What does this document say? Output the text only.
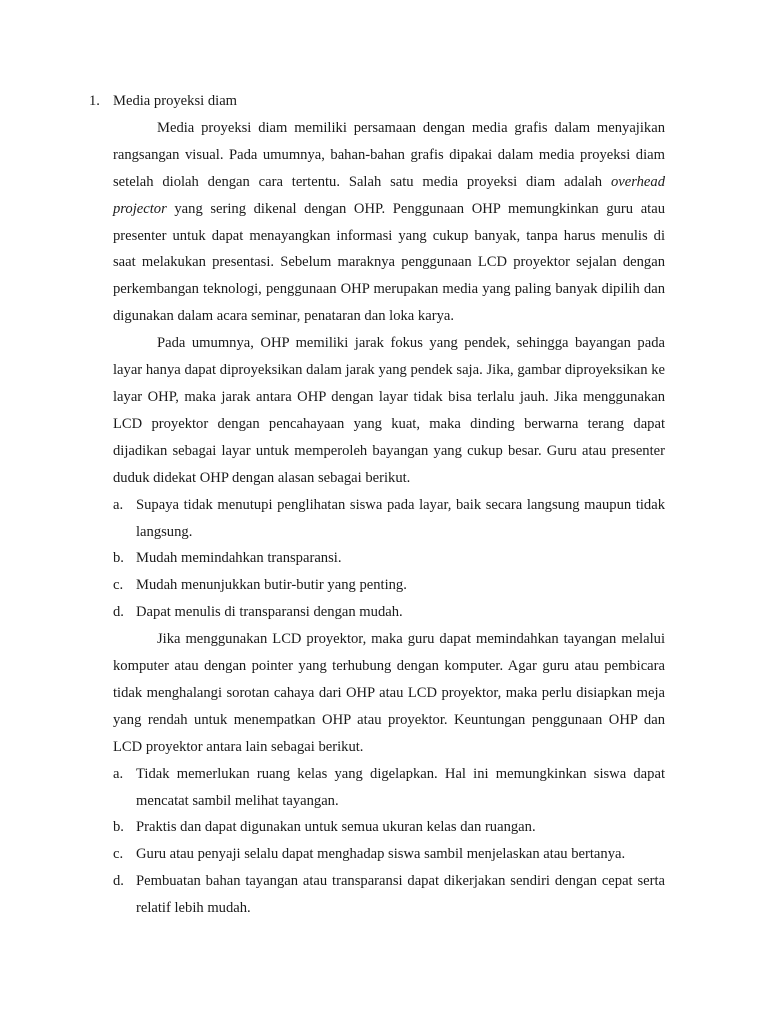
1. Media proyeksi diam

Media proyeksi diam memiliki persamaan dengan media grafis dalam menyajikan rangsangan visual. Pada umumnya, bahan-bahan grafis dipakai dalam media proyeksi diam setelah diolah dengan cara tertentu. Salah satu media proyeksi diam adalah overhead projector yang sering dikenal dengan OHP. Penggunaan OHP memungkinkan guru atau presenter untuk dapat menayangkan informasi yang cukup banyak, tanpa harus menulis di saat melakukan presentasi. Sebelum maraknya penggunaan LCD proyektor sejalan dengan perkembangan teknologi, penggunaan OHP merupakan media yang paling banyak dipilih dan digunakan dalam acara seminar, penataran dan loka karya.

Pada umumnya, OHP memiliki jarak fokus yang pendek, sehingga bayangan pada layar hanya dapat diproyeksikan dalam jarak yang pendek saja. Jika, gambar diproyeksikan ke layar OHP, maka jarak antara OHP dengan layar tidak bisa terlalu jauh. Jika menggunakan LCD proyektor dengan pencahayaan yang kuat, maka dinding berwarna terang dapat dijadikan sebagai layar untuk memperoleh bayangan yang cukup besar. Guru atau presenter duduk didekat OHP dengan alasan sebagai berikut.

a. Supaya tidak menutupi penglihatan siswa pada layar, baik secara langsung maupun tidak langsung.
b. Mudah memindahkan transparansi.
c. Mudah menunjukkan butir-butir yang penting.
d. Dapat menulis di transparansi dengan mudah.

Jika menggunakan LCD proyektor, maka guru dapat memindahkan tayangan melalui komputer atau dengan pointer yang terhubung dengan komputer. Agar guru atau pembicara tidak menghalangi sorotan cahaya dari OHP atau LCD proyektor, maka perlu disiapkan meja yang rendah untuk menempatkan OHP atau proyektor. Keuntungan penggunaan OHP dan LCD proyektor antara lain sebagai berikut.

a. Tidak memerlukan ruang kelas yang digelapkan. Hal ini memungkinkan siswa dapat mencatat sambil melihat tayangan.
b. Praktis dan dapat digunakan untuk semua ukuran kelas dan ruangan.
c. Guru atau penyaji selalu dapat menghadap siswa sambil menjelaskan atau bertanya.
d. Pembuatan bahan tayangan atau transparansi dapat dikerjakan sendiri dengan cepat serta relatif lebih mudah.
